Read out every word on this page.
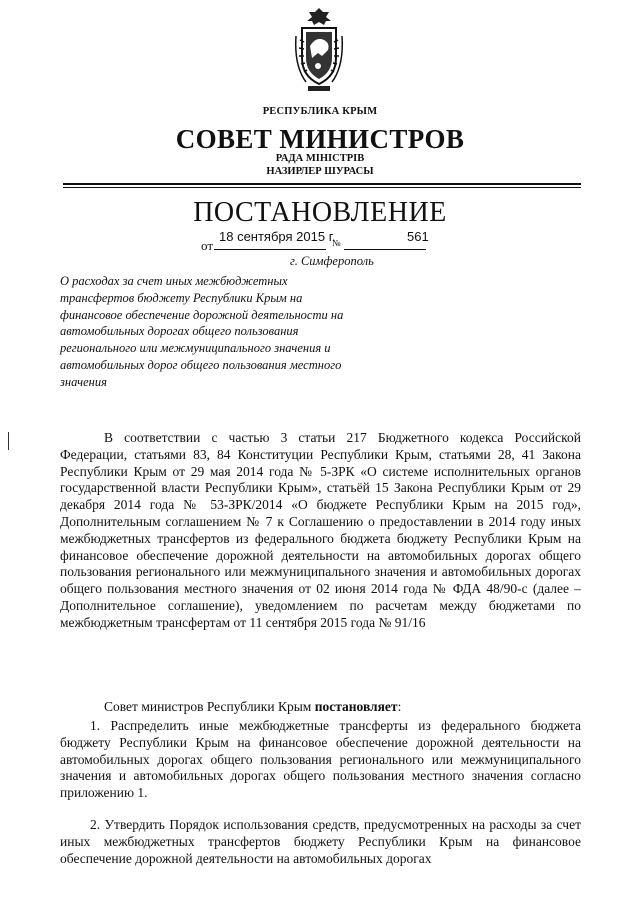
РЕСПУБЛИКА КРЫМ
СОВЕТ МИНИСТРОВ
РАДА МІНІСТРІВ
НАЗИРЛЕР ШУРАСЫ
ПОСТАНОВЛЕНИЕ
от
18 сентября 2015 г.
№	561
г. Симферополь
О расходах за счет иных межбюджетных трансфертов бюджету Республики Крым на финансовое обеспечение дорожной деятельности на автомобильных дорогах общего пользования регионального или межмуниципального значения и автомобильных дорог общего пользования местного значения
В соответствии с частью 3 статьи 217 Бюджетного кодекса Российской Федерации, статьями 83, 84 Конституции Республики Крым, статьями 28, 41 Закона Республики Крым от 29 мая 2014 года № 5-ЗРК «О системе исполнительных органов государственной власти Республики Крым», статьёй 15 Закона Республики Крым от 29 декабря 2014 года № 53-ЗРК/2014 «О бюджете Республики Крым на 2015 год», Дополнительным соглашением № 7 к Соглашению о предоставлении в 2014 году иных межбюджетных трансфертов из федерального бюджета бюджету Республики Крым на финансовое обеспечение дорожной деятельности на автомобильных дорогах общего пользования регионального или межмуниципального значения и автомобильных дорогах общего пользования местного значения от 02 июня 2014 года № ФДА 48/90-с (далее – Дополнительное соглашение), уведомлением по расчетам между бюджетами по межбюджетным трансфертам от 11 сентября 2015 года № 91/16
Совет министров Республики Крым постановляет:
1. Распределить иные межбюджетные трансферты из федерального бюджета бюджету Республики Крым на финансовое обеспечение дорожной деятельности на автомобильных дорогах общего пользования регионального или межмуниципального значения и автомобильных дорогах общего пользования местного значения согласно приложению 1.
2. Утвердить Порядок использования средств, предусмотренных на расходы за счет иных межбюджетных трансфертов бюджету Республики Крым на финансовое обеспечение дорожной деятельности на автомобильных дорогах
